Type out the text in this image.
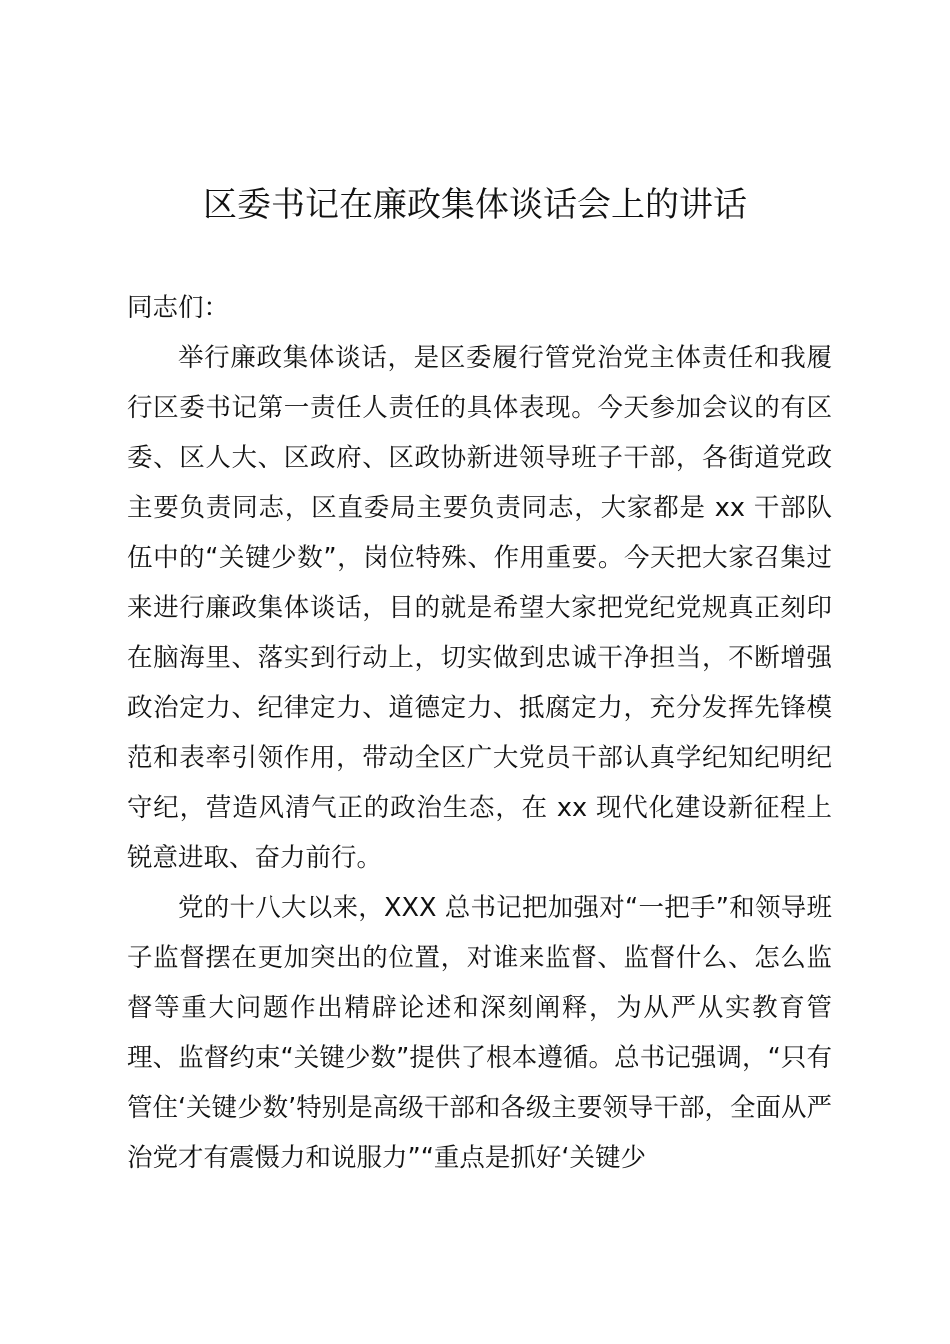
区委书记在廉政集体谈话会上的讲话

同志们：

举行廉政集体谈话，是区委履行管党治党主体责任和我履行区委书记第一责任人责任的具体表现。今天参加会议的有区委、区人大、区政府、区政协新进领导班子干部，各街道党政主要负责同志，区直委局主要负责同志，大家都是 xx 干部队伍中的“关键少数”，岗位特殊、作用重要。今天把大家召集过来进行廉政集体谈话，目的就是希望大家把党纪党规真正刻印在脑海里、落实到行动上，切实做到忠诚干净担当，不断增强政治定力、纪律定力、道德定力、抵腐定力，充分发挥先锋模范和表率引领作用，带动全区广大党员干部认真学纪知纪明纪守纪，营造风清气正的政治生态，在 xx 现代化建设新征程上锐意进取、奋力前行。

党的十八大以来，XXX 总书记把加强对“一把手”和领导班子监督摆在更加突出的位置，对谁来监督、监督什么、怎么监督等重大问题作出精辟论述和深刻阐释，为从严从实教育管理、监督约束“关键少数”提供了根本遵循。总书记强调，“只有管住‘关键少数’特别是高级干部和各级主要领导干部，全面从严治党才有震慑力和说服力”“重点是抓好‘关键少
